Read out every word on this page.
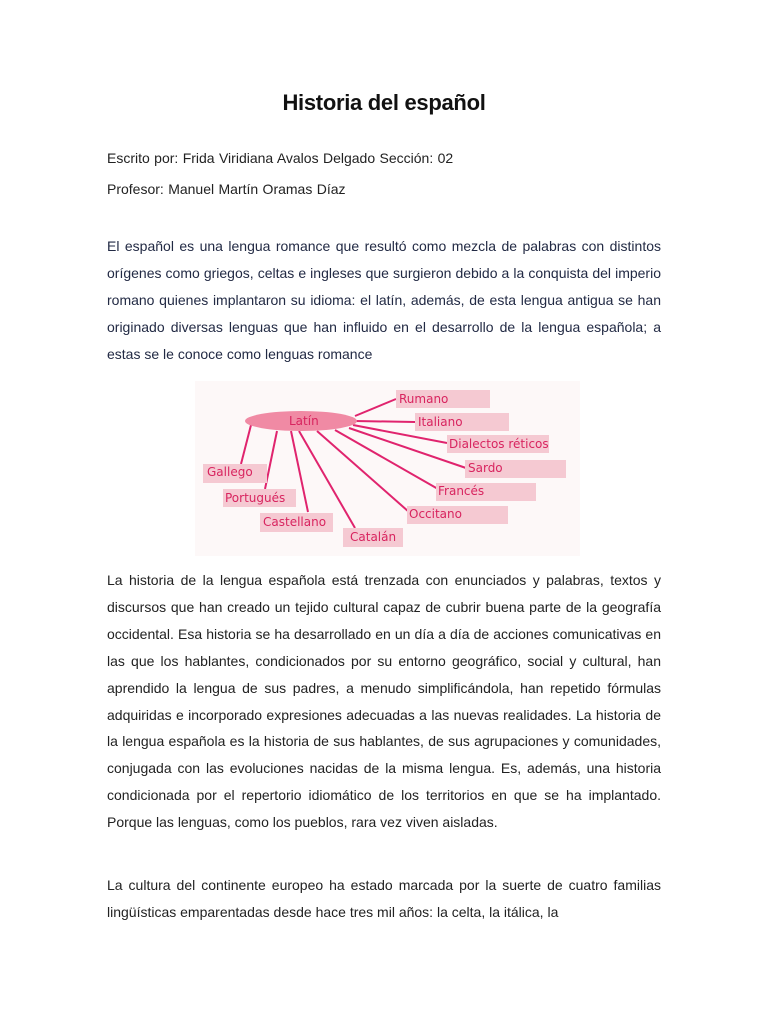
Historia del español
Escrito por: Frida Viridiana Avalos Delgado Sección: 02
Profesor: Manuel Martín Oramas Díaz
El español es una lengua romance que resultó como mezcla de palabras con distintos orígenes como griegos, celtas e ingleses que surgieron debido a la conquista del imperio romano quienes implantaron su idioma: el latín, además, de esta lengua antigua se han originado diversas lenguas que han influido en el desarrollo de la lengua española; a estas se le conoce como lenguas romance
Latín
Rumano
Italiano
Dialectos réticos
Sardo
Francés
Occitano
Catalán
Castellano
Portugués
Gallego
La historia de la lengua española está trenzada con enunciados y palabras, textos y discursos que han creado un tejido cultural capaz de cubrir buena parte de la geografía occidental. Esa historia se ha desarrollado en un día a día de acciones comunicativas en las que los hablantes, condicionados por su entorno geográfico, social y cultural, han aprendido la lengua de sus padres, a menudo simplificándola, han repetido fórmulas adquiridas e incorporado expresiones adecuadas a las nuevas realidades. La historia de la lengua española es la historia de sus hablantes, de sus agrupaciones y comunidades, conjugada con las evoluciones nacidas de la misma lengua. Es, además, una historia condicionada por el repertorio idiomático de los territorios en que se ha implantado. Porque las lenguas, como los pueblos, rara vez viven aisladas.
La cultura del continente europeo ha estado marcada por la suerte de cuatro familias lingüísticas emparentadas desde hace tres mil años: la celta, la itálica, la
